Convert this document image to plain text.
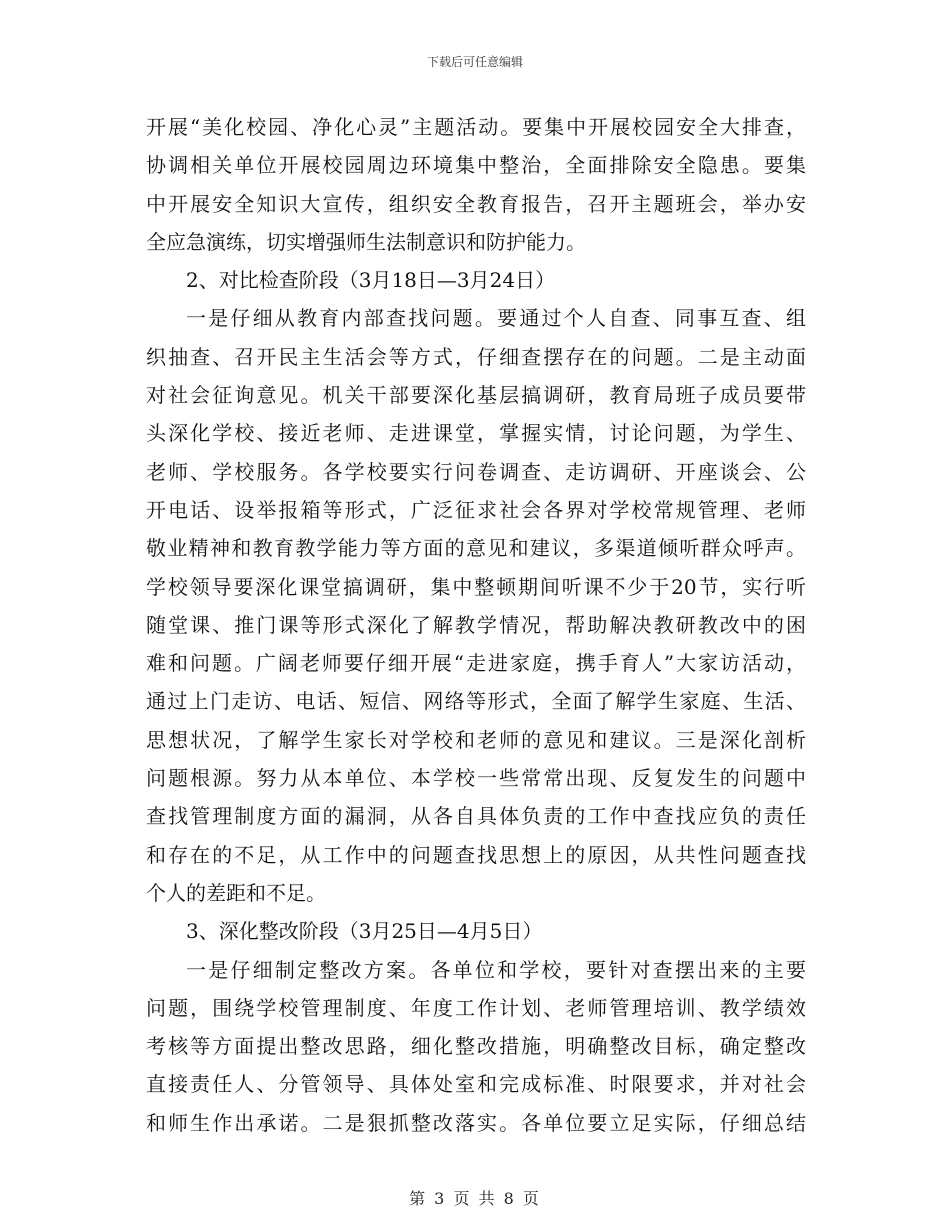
下载后可任意编辑
开展“美化校园、净化心灵”主题活动。要集中开展校园安全大排查，
协调相关单位开展校园周边环境集中整治，全面排除安全隐患。要集
中开展安全知识大宣传，组织安全教育报告，召开主题班会，举办安
全应急演练，切实增强师生法制意识和防护能力。
2、对比检查阶段（3月18日—3月24日）
一是仔细从教育内部查找问题。要通过个人自查、同事互查、组
织抽查、召开民主生活会等方式，仔细查摆存在的问题。二是主动面
对社会征询意见。机关干部要深化基层搞调研，教育局班子成员要带
头深化学校、接近老师、走进课堂，掌握实情，讨论问题，为学生、
老师、学校服务。各学校要实行问卷调查、走访调研、开座谈会、公
开电话、设举报箱等形式，广泛征求社会各界对学校常规管理、老师
敬业精神和教育教学能力等方面的意见和建议，多渠道倾听群众呼声。
学校领导要深化课堂搞调研，集中整顿期间听课不少于20节，实行听
随堂课、推门课等形式深化了解教学情况，帮助解决教研教改中的困
难和问题。广阔老师要仔细开展“走进家庭，携手育人”大家访活动，
通过上门走访、电话、短信、网络等形式，全面了解学生家庭、生活、
思想状况，了解学生家长对学校和老师的意见和建议。三是深化剖析
问题根源。努力从本单位、本学校一些常常出现、反复发生的问题中
查找管理制度方面的漏洞，从各自具体负责的工作中查找应负的责任
和存在的不足，从工作中的问题查找思想上的原因，从共性问题查找
个人的差距和不足。
3、深化整改阶段（3月25日—4月5日）
一是仔细制定整改方案。各单位和学校，要针对查摆出来的主要
问题，围绕学校管理制度、年度工作计划、老师管理培训、教学绩效
考核等方面提出整改思路，细化整改措施，明确整改目标，确定整改
直接责任人、分管领导、具体处室和完成标准、时限要求，并对社会
和师生作出承诺。二是狠抓整改落实。各单位要立足实际，仔细总结
第 3 页 共 8 页
